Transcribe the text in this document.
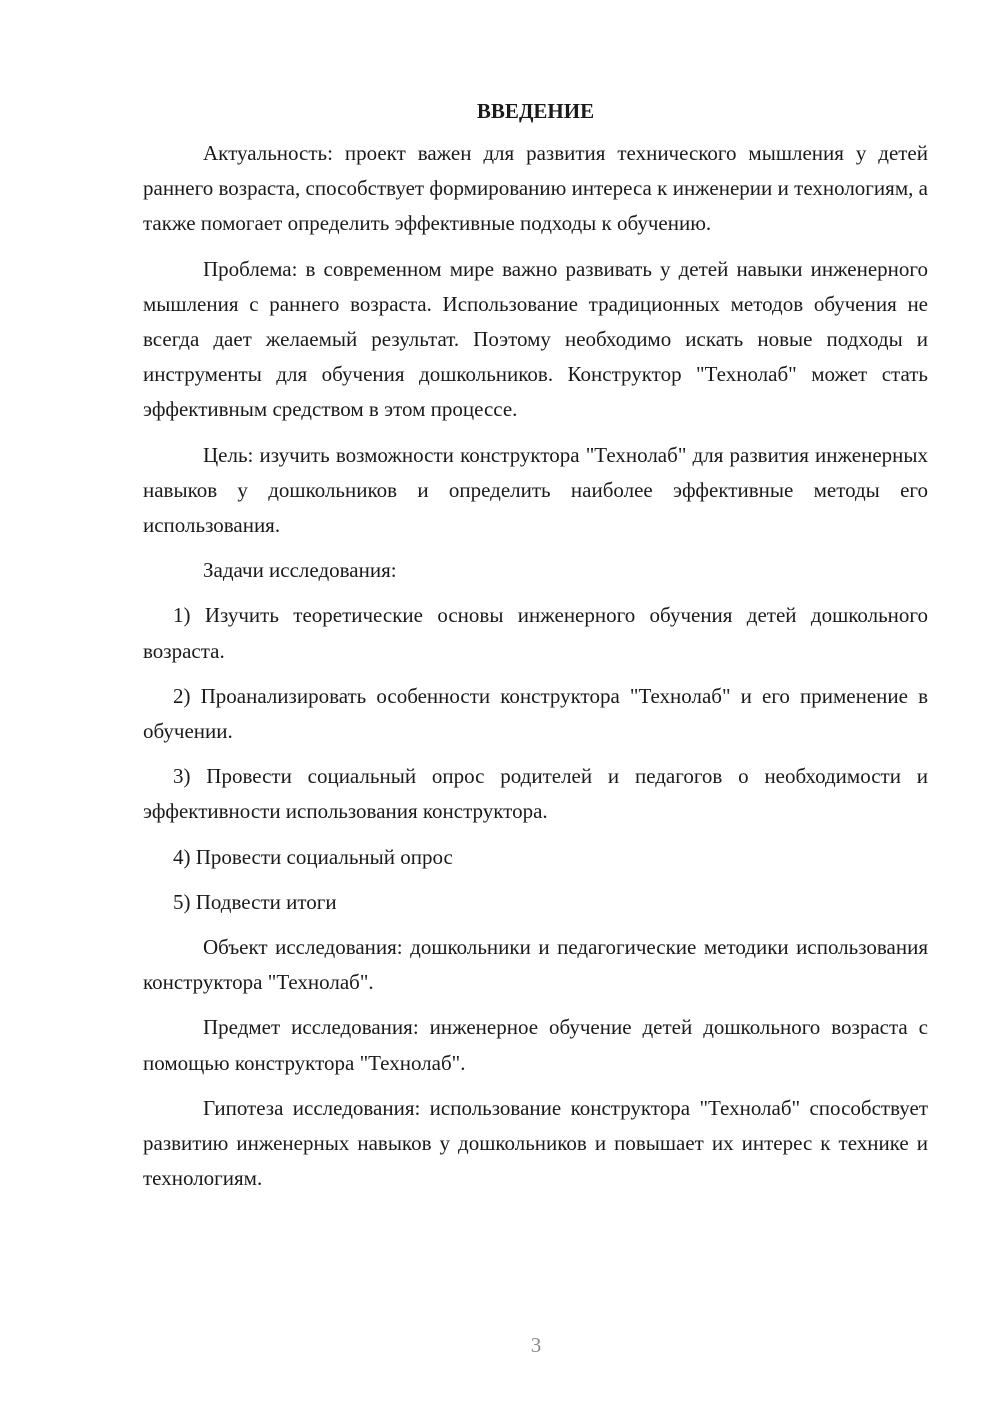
ВВЕДЕНИЕ

Актуальность: проект важен для развития технического мышления у детей раннего возраста, способствует формированию интереса к инженерии и технологиям, а также помогает определить эффективные подходы к обучению.

Проблема: в современном мире важно развивать у детей навыки инженерного мышления с раннего возраста. Использование традиционных методов обучения не всегда дает желаемый результат. Поэтому необходимо искать новые подходы и инструменты для обучения дошкольников. Конструктор "Технолаб" может стать эффективным средством в этом процессе.

Цель: изучить возможности конструктора "Технолаб" для развития инженерных навыков у дошкольников и определить наиболее эффективные методы его использования.

Задачи исследования:

1) Изучить теоретические основы инженерного обучения детей дошкольного возраста.

2) Проанализировать особенности конструктора "Технолаб" и его применение в обучении.

3) Провести социальный опрос родителей и педагогов о необходимости и эффективности использования конструктора.

4) Провести социальный опрос

5) Подвести итоги

Объект исследования: дошкольники и педагогические методики использования конструктора "Технолаб".

Предмет исследования: инженерное обучение детей дошкольного возраста с помощью конструктора "Технолаб".

Гипотеза исследования: использование конструктора "Технолаб" способствует развитию инженерных навыков у дошкольников и повышает их интерес к технике и технологиям.

3
